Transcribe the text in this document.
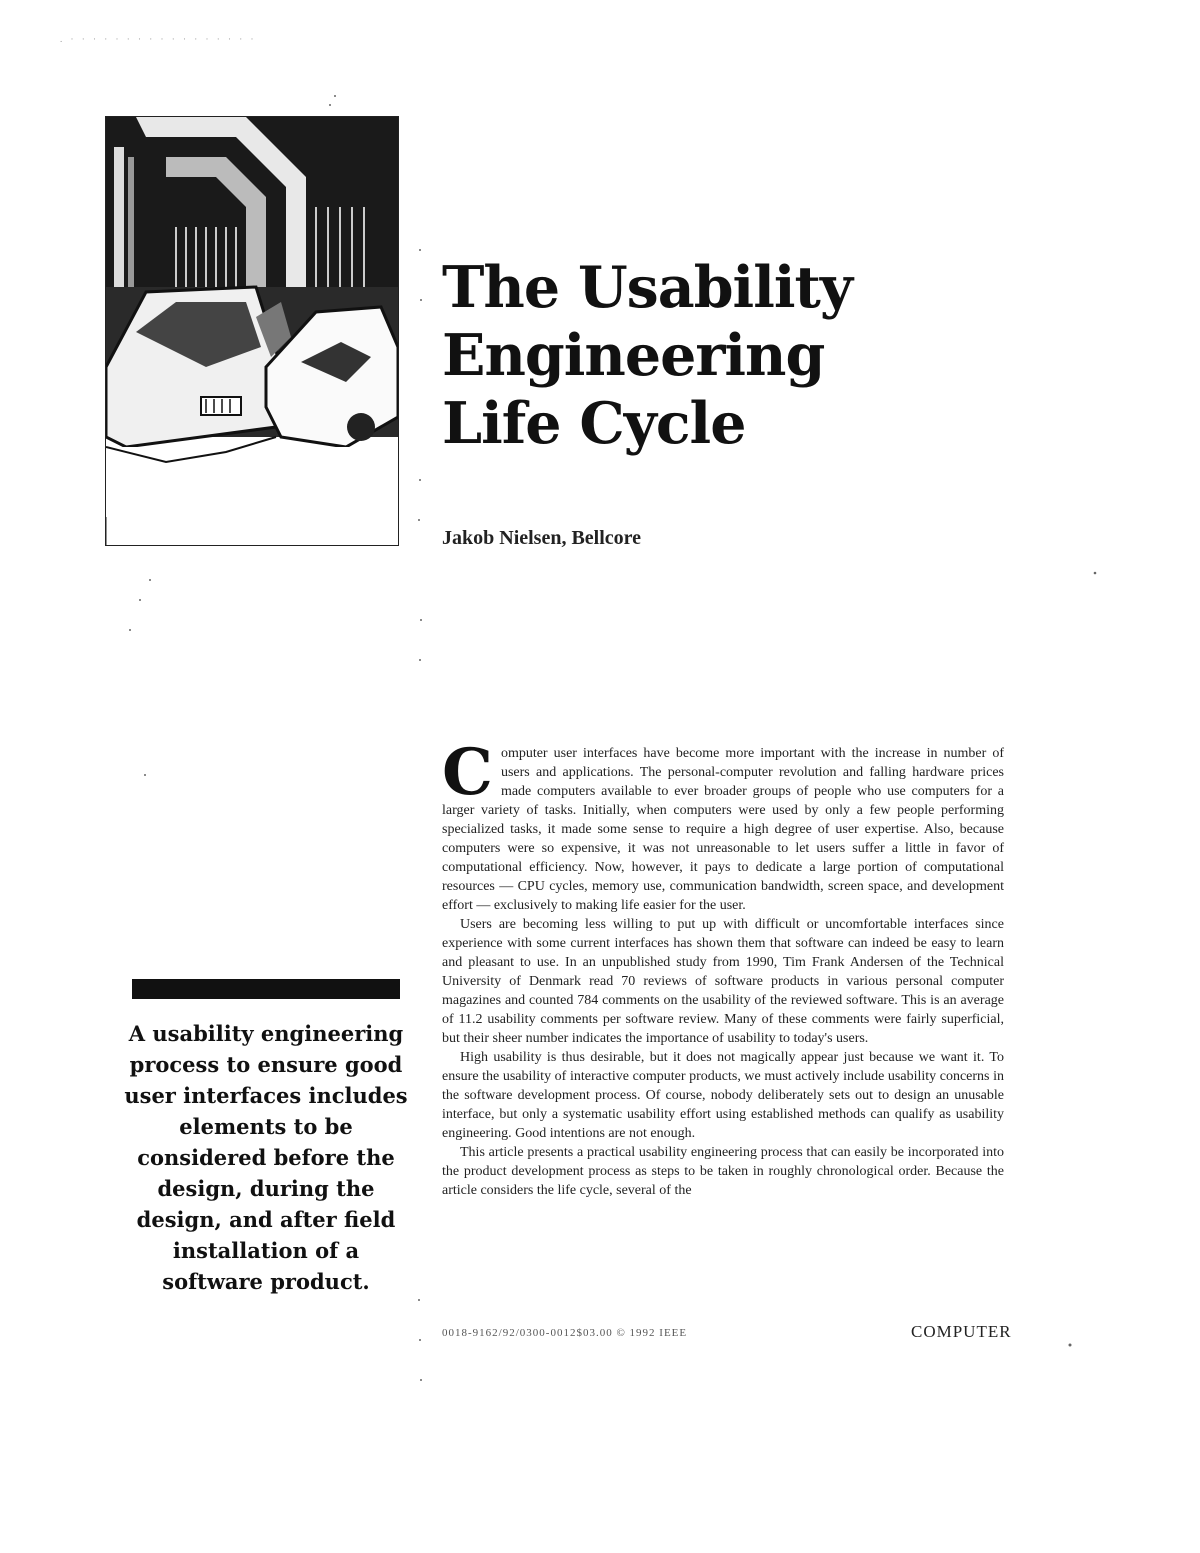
. · · · · · · · · · · · · · · · · ·
The Usability
Engineering
Life Cycle

Jakob Nielsen, Bellcore

A usability engineering process to ensure good user interfaces includes elements to be considered before the design, during the design, and after field installation of a software product.

Computer user interfaces have become more important with the increase in number of users and applications. The personal-computer revolution and falling hardware prices made computers available to ever broader groups of people who use computers for a larger variety of tasks. Initially, when computers were used by only a few people performing specialized tasks, it made some sense to require a high degree of user expertise. Also, because computers were so expensive, it was not unreasonable to let users suffer a little in favor of computational efficiency. Now, however, it pays to dedicate a large portion of computational resources — CPU cycles, memory use, communication bandwidth, screen space, and development effort — exclusively to making life easier for the user.

Users are becoming less willing to put up with difficult or uncomfortable interfaces since experience with some current interfaces has shown them that software can indeed be easy to learn and pleasant to use. In an unpublished study from 1990, Tim Frank Andersen of the Technical University of Denmark read 70 reviews of software products in various personal computer magazines and counted 784 comments on the usability of the reviewed software. This is an average of 11.2 usability comments per software review. Many of these comments were fairly superficial, but their sheer number indicates the importance of usability to today's users.

High usability is thus desirable, but it does not magically appear just because we want it. To ensure the usability of interactive computer products, we must actively include usability concerns in the software development process. Of course, nobody deliberately sets out to design an unusable interface, but only a systematic usability effort using established methods can qualify as usability engineering. Good intentions are not enough.

This article presents a practical usability engineering process that can easily be incorporated into the product development process as steps to be taken in roughly chronological order. Because the article considers the life cycle, several of the

0018-9162/92/0300-0012$03.00 © 1992 IEEE	COMPUTER
